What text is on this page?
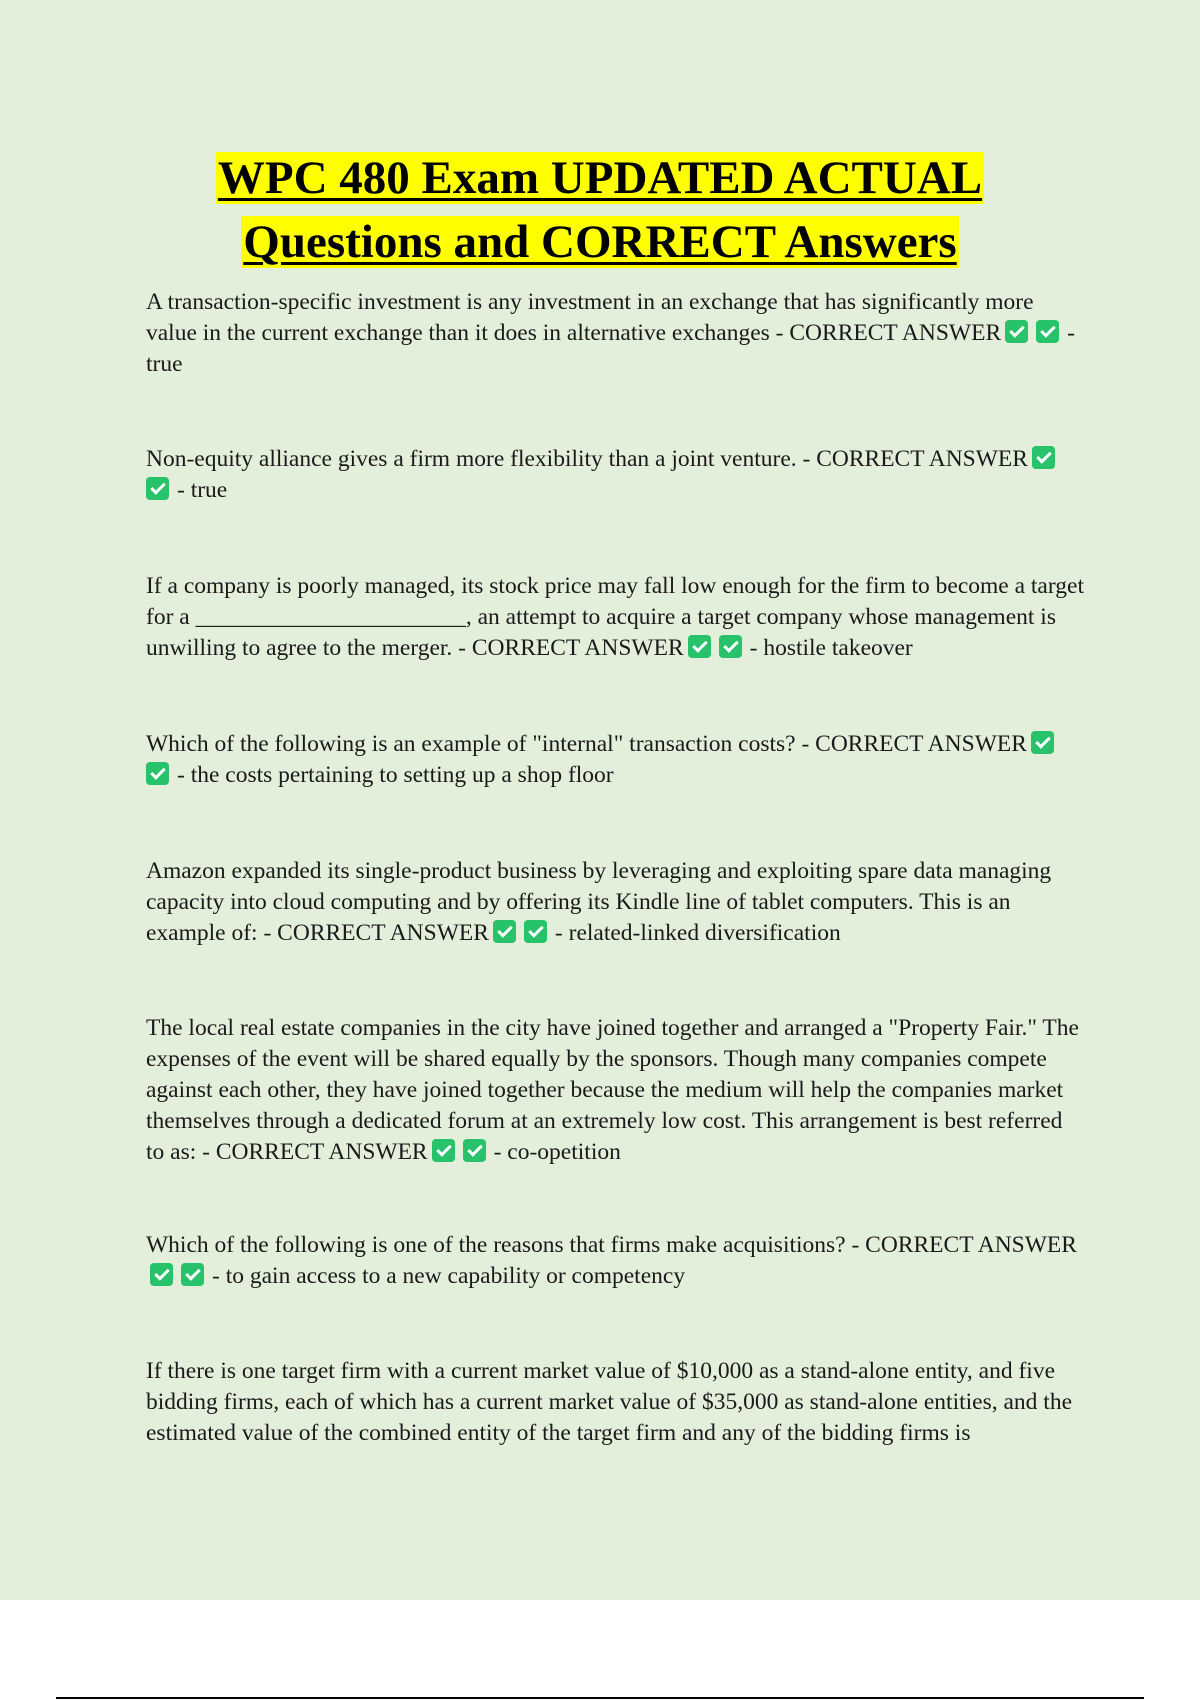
WPC 480 Exam UPDATED ACTUAL
Questions and CORRECT Answers

A transaction-specific investment is any investment in an exchange that has significantly more value in the current exchange than it does in alternative exchanges - CORRECT ANSWER	- true

Non-equity alliance gives a firm more flexibility than a joint venture. - CORRECT ANSWER- true

If a company is poorly managed, its stock price may fall low enough for the firm to become a target for a _______________________, an attempt to acquire a target company whose management is unwilling to agree to the merger. - CORRECT ANSWER	- hostile takeover

Which of the following is an example of "internal" transaction costs? - CORRECT ANSWER- the costs pertaining to setting up a shop floor

Amazon expanded its single-product business by leveraging and exploiting spare data managing capacity into cloud computing and by offering its Kindle line of tablet computers. This is an example of: - CORRECT ANSWER	- related-linked diversification

The local real estate companies in the city have joined together and arranged a "Property Fair." The expenses of the event will be shared equally by the sponsors. Though many companies compete against each other, they have joined together because the medium will help the companies market themselves through a dedicated forum at an extremely low cost. This arrangement is best referred to as: - CORRECT ANSWER	- co-opetition

Which of the following is one of the reasons that firms make acquisitions? - CORRECT ANSWER- to gain access to a new capability or competency

If there is one target firm with a current market value of $10,000 as a stand-alone entity, and five bidding firms, each of which has a current market value of $35,000 as stand-alone entities, and the estimated value of the combined entity of the target firm and any of the bidding firms is
